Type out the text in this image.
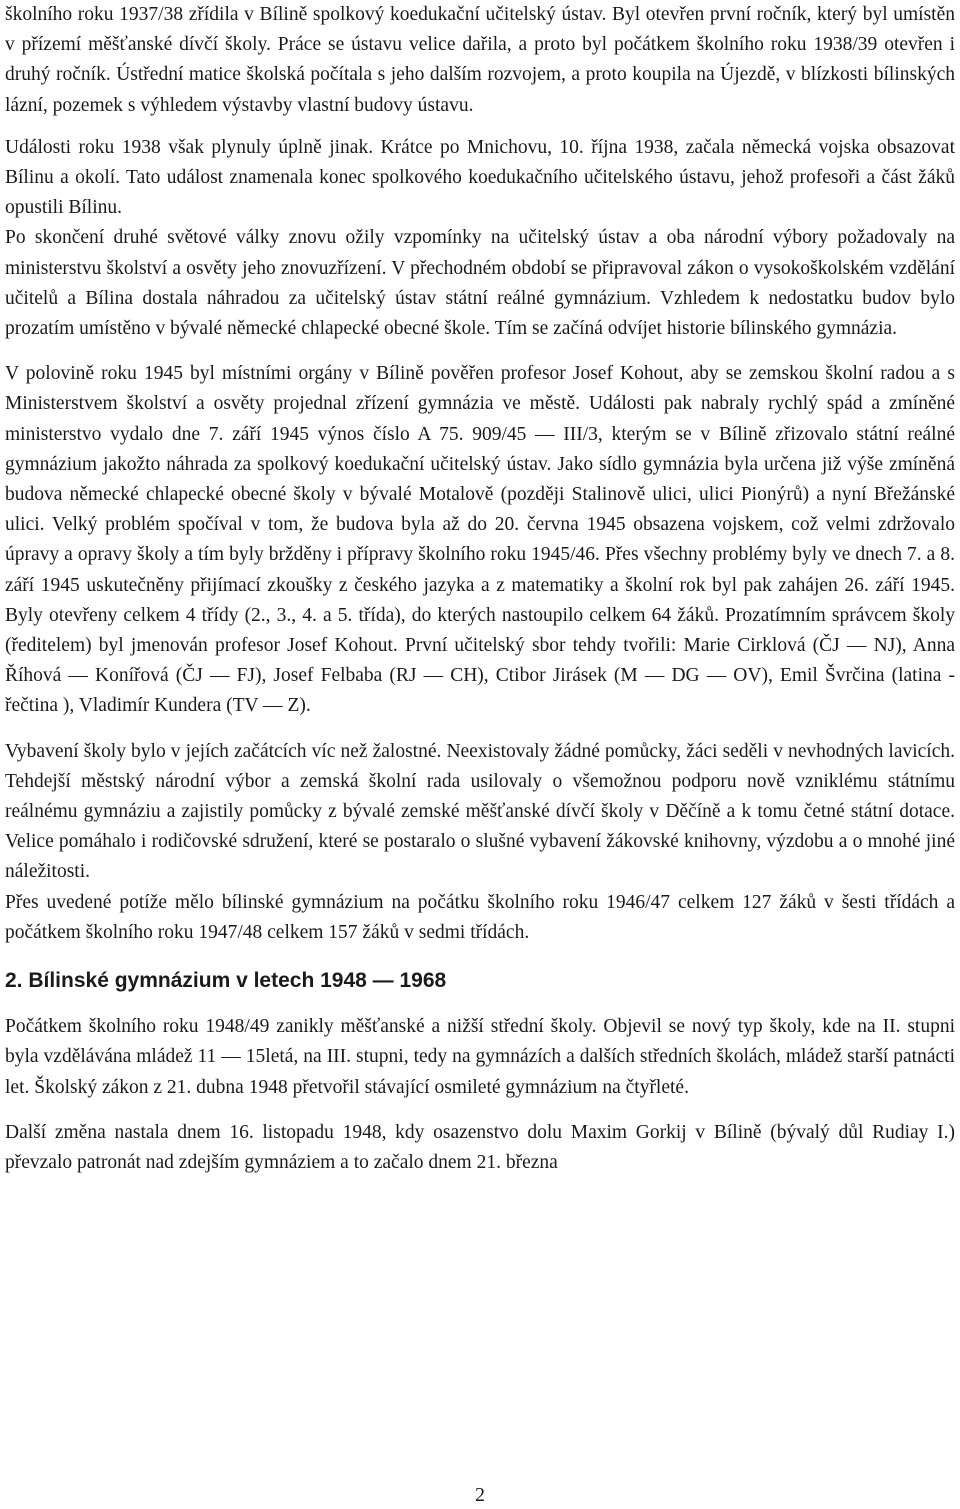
školního roku 1937/38 zřídila v Bílině spolkový koedukační učitelský ústav. Byl otevřen první ročník, který byl umístěn v přízemí měšťanské dívčí školy. Práce se ústavu velice dařila, a proto byl počátkem školního roku 1938/39 otevřen i druhý ročník. Ústřední matice školská počítala s jeho dalším rozvojem, a proto koupila na Újezdě, v blízkosti bílinských lázní, pozemek s výhledem výstavby vlastní budovy ústavu.

Události roku 1938 však plynuly úplně jinak. Krátce po Mnichovu, 10. října 1938, začala německá vojska obsazovat Bílinu a okolí. Tato událost znamenala konec spolkového koedukačního učitelského ústavu, jehož profesoři a část žáků opustili Bílinu.

Po skončení druhé světové války znovu ožily vzpomínky na učitelský ústav a oba národní výbory požadovaly na ministerstvu školství a osvěty jeho znovuzřízení. V přechodném období se připravoval zákon o vysokoškolském vzdělání učitelů a Bílina dostala náhradou za učitelský ústav státní reálné gymnázium. Vzhledem k nedostatku budov bylo prozatím umístěno v bývalé německé chlapecké obecné škole. Tím se začíná odvíjet historie bílinského gymnázia.

V polovině roku 1945 byl místními orgány v Bílině pověřen profesor Josef Kohout, aby se zemskou školní radou a s Ministerstvem školství a osvěty projednal zřízení gymnázia ve městě. Události pak nabraly rychlý spád a zmíněné ministerstvo vydalo dne 7. září 1945 výnos číslo A 75. 909/45 — III/3, kterým se v Bílině zřizovalo státní reálné gymnázium jakožto náhrada za spolkový koedukační učitelský ústav. Jako sídlo gymnázia byla určena již výše zmíněná budova německé chlapecké obecné školy v bývalé Motalově (později Stalinově ulici, ulici Pionýrů) a nyní Břežánské ulici. Velký problém spočíval v tom, že budova byla až do 20. června 1945 obsazena vojskem, což velmi zdržovalo úpravy a opravy školy a tím byly bržděny i přípravy školního roku 1945/46. Přes všechny problémy byly ve dnech 7. a 8. září 1945 uskutečněny přijímací zkoušky z českého jazyka a z matematiky a školní rok byl pak zahájen 26. září 1945. Byly otevřeny celkem 4 třídy (2., 3., 4. a 5. třída), do kterých nastoupilo celkem 64 žáků. Prozatímním správcem školy (ředitelem) byl jmenován profesor Josef Kohout. První učitelský sbor tehdy tvořili: Marie Cirklová (ČJ — NJ), Anna Říhová — Konířová (ČJ — FJ), Josef Felbaba (RJ — CH), Ctibor Jirásek (M — DG — OV), Emil Švrčina (latina - řečtina ), Vladimír Kundera (TV — Z).

Vybavení školy bylo v jejích začátcích víc než žalostné. Neexistovaly žádné pomůcky, žáci seděli v nevhodných lavicích. Tehdejší městský národní výbor a zemská školní rada usilovaly o všemožnou podporu nově vzniklému státnímu reálnému gymnáziu a zajistily pomůcky z bývalé zemské měšťanské dívčí školy v Děčíně a k tomu četné státní dotace. Velice pomáhalo i rodičovské sdružení, které se postaralo o slušné vybavení žákovské knihovny, výzdobu a o mnohé jiné náležitosti.

Přes uvedené potíže mělo bílinské gymnázium na počátku školního roku 1946/47 celkem 127 žáků v šesti třídách a počátkem školního roku 1947/48 celkem 157 žáků v sedmi třídách.

2. Bílinské gymnázium v letech 1948 — 1968

Počátkem školního roku 1948/49 zanikly měšťanské a nižší střední školy. Objevil se nový typ školy, kde na II. stupni byla vzdělávána mládež 11 — 15letá, na III. stupni, tedy na gymnázích a dalších středních školách, mládež starší patnácti let. Školský zákon z 21. dubna 1948 přetvořil stávající osmileté gymnázium na čtyřleté.

Další změna nastala dnem 16. listopadu 1948, kdy osazenstvo dolu Maxim Gorkij v Bílině (bývalý důl Rudiay I.) převzalo patronát nad zdejším gymnáziem a to začalo dnem 21. března

2
